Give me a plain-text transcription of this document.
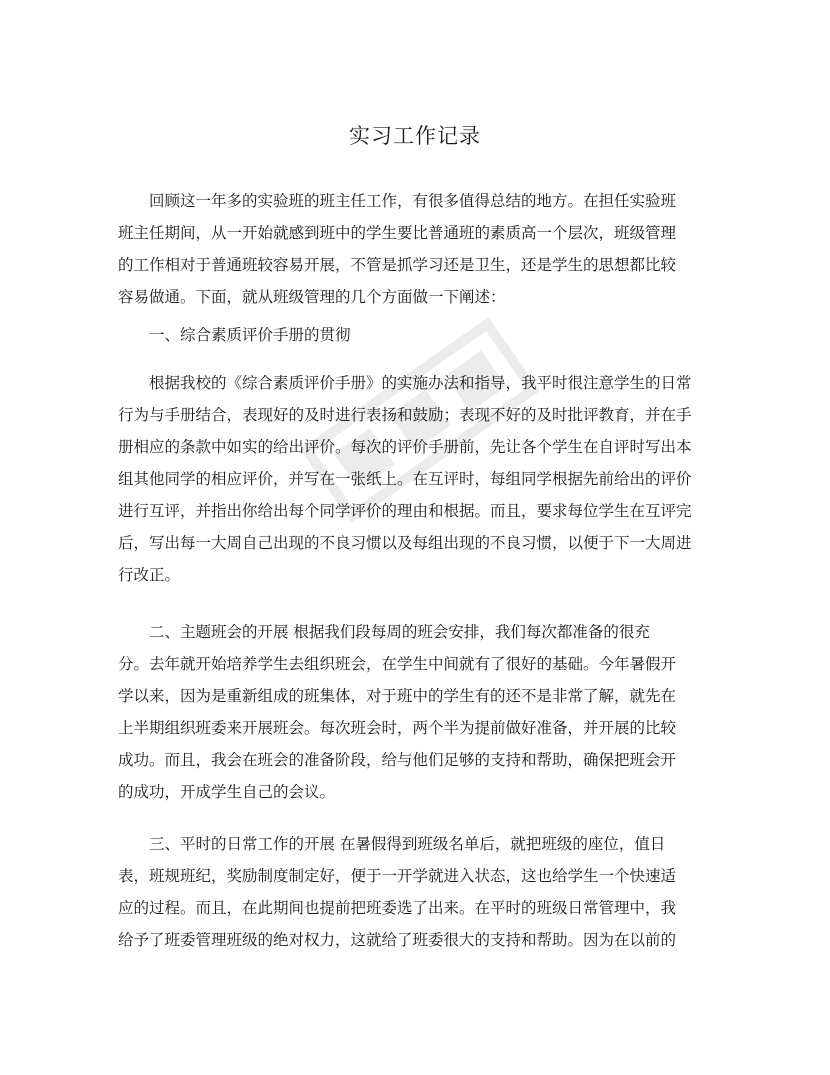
实习工作记录

回顾这一年多的实验班的班主任工作，有很多值得总结的地方。在担任实验班
班主任期间，从一开始就感到班中的学生要比普通班的素质高一个层次，班级管理
的工作相对于普通班较容易开展，不管是抓学习还是卫生，还是学生的思想都比较
容易做通。下面，就从班级管理的几个方面做一下阐述：

一、综合素质评价手册的贯彻

根据我校的《综合素质评价手册》的实施办法和指导，我平时很注意学生的日常
行为与手册结合，表现好的及时进行表扬和鼓励；表现不好的及时批评教育，并在手
册相应的条款中如实的给出评价。每次的评价手册前，先让各个学生在自评时写出本
组其他同学的相应评价，并写在一张纸上。在互评时，每组同学根据先前给出的评价
进行互评，并指出你给出每个同学评价的理由和根据。而且，要求每位学生在互评完
后，写出每一大周自己出现的不良习惯以及每组出现的不良习惯，以便于下一大周进
行改正。

二、主题班会的开展 根据我们段每周的班会安排，我们每次都准备的很充
分。去年就开始培养学生去组织班会，在学生中间就有了很好的基础。今年暑假开
学以来，因为是重新组成的班集体，对于班中的学生有的还不是非常了解，就先在
上半期组织班委来开展班会。每次班会时，两个半为提前做好准备，并开展的比较
成功。而且，我会在班会的准备阶段，给与他们足够的支持和帮助，确保把班会开
的成功，开成学生自己的会议。

三、平时的日常工作的开展 在暑假得到班级名单后，就把班级的座位，值日
表，班规班纪，奖励制度制定好，便于一开学就进入状态，这也给学生一个快速适
应的过程。而且，在此期间也提前把班委选了出来。在平时的班级日常管理中，我
给予了班委管理班级的绝对权力，这就给了班委很大的支持和帮助。因为在以前的
